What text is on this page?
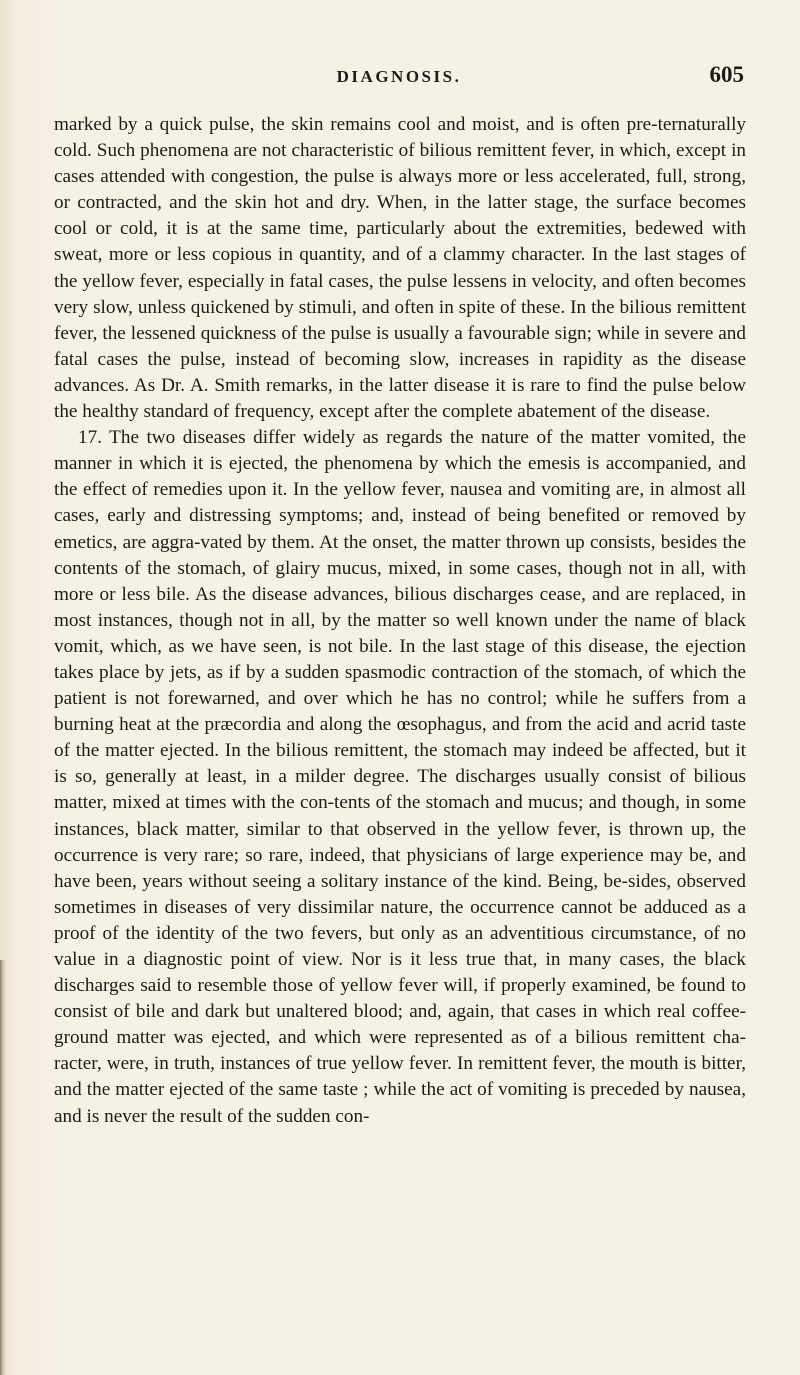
DIAGNOSIS.	605

marked by a quick pulse, the skin remains cool and moist, and is often pre-ternaturally cold. Such phenomena are not characteristic of bilious remittent fever, in which, except in cases attended with congestion, the pulse is always more or less accelerated, full, strong, or contracted, and the skin hot and dry. When, in the latter stage, the surface becomes cool or cold, it is at the same time, particularly about the extremities, bedewed with sweat, more or less copious in quantity, and of a clammy character. In the last stages of the yellow fever, especially in fatal cases, the pulse lessens in velocity, and often becomes very slow, unless quickened by stimuli, and often in spite of these. In the bilious remittent fever, the lessened quickness of the pulse is usually a favourable sign; while in severe and fatal cases the pulse, instead of becoming slow, increases in rapidity as the disease advances. As Dr. A. Smith remarks, in the latter disease it is rare to find the pulse below the healthy standard of frequency, except after the complete abatement of the disease.

17. The two diseases differ widely as regards the nature of the matter vomited, the manner in which it is ejected, the phenomena by which the emesis is accompanied, and the effect of remedies upon it. In the yellow fever, nausea and vomiting are, in almost all cases, early and distressing symptoms; and, instead of being benefited or removed by emetics, are aggra-vated by them. At the onset, the matter thrown up consists, besides the contents of the stomach, of glairy mucus, mixed, in some cases, though not in all, with more or less bile. As the disease advances, bilious discharges cease, and are replaced, in most instances, though not in all, by the matter so well known under the name of black vomit, which, as we have seen, is not bile. In the last stage of this disease, the ejection takes place by jets, as if by a sudden spasmodic contraction of the stomach, of which the patient is not forewarned, and over which he has no control; while he suffers from a burning heat at the præcordia and along the œsophagus, and from the acid and acrid taste of the matter ejected. In the bilious remittent, the stomach may indeed be affected, but it is so, generally at least, in a milder degree. The discharges usually consist of bilious matter, mixed at times with the con-tents of the stomach and mucus; and though, in some instances, black matter, similar to that observed in the yellow fever, is thrown up, the occurrence is very rare; so rare, indeed, that physicians of large experience may be, and have been, years without seeing a solitary instance of the kind. Being, be-sides, observed sometimes in diseases of very dissimilar nature, the occurrence cannot be adduced as a proof of the identity of the two fevers, but only as an adventitious circumstance, of no value in a diagnostic point of view. Nor is it less true that, in many cases, the black discharges said to resemble those of yellow fever will, if properly examined, be found to consist of bile and dark but unaltered blood; and, again, that cases in which real coffee-ground matter was ejected, and which were represented as of a bilious remittent cha-racter, were, in truth, instances of true yellow fever. In remittent fever, the mouth is bitter, and the matter ejected of the same taste ; while the act of vomiting is preceded by nausea, and is never the result of the sudden con-
